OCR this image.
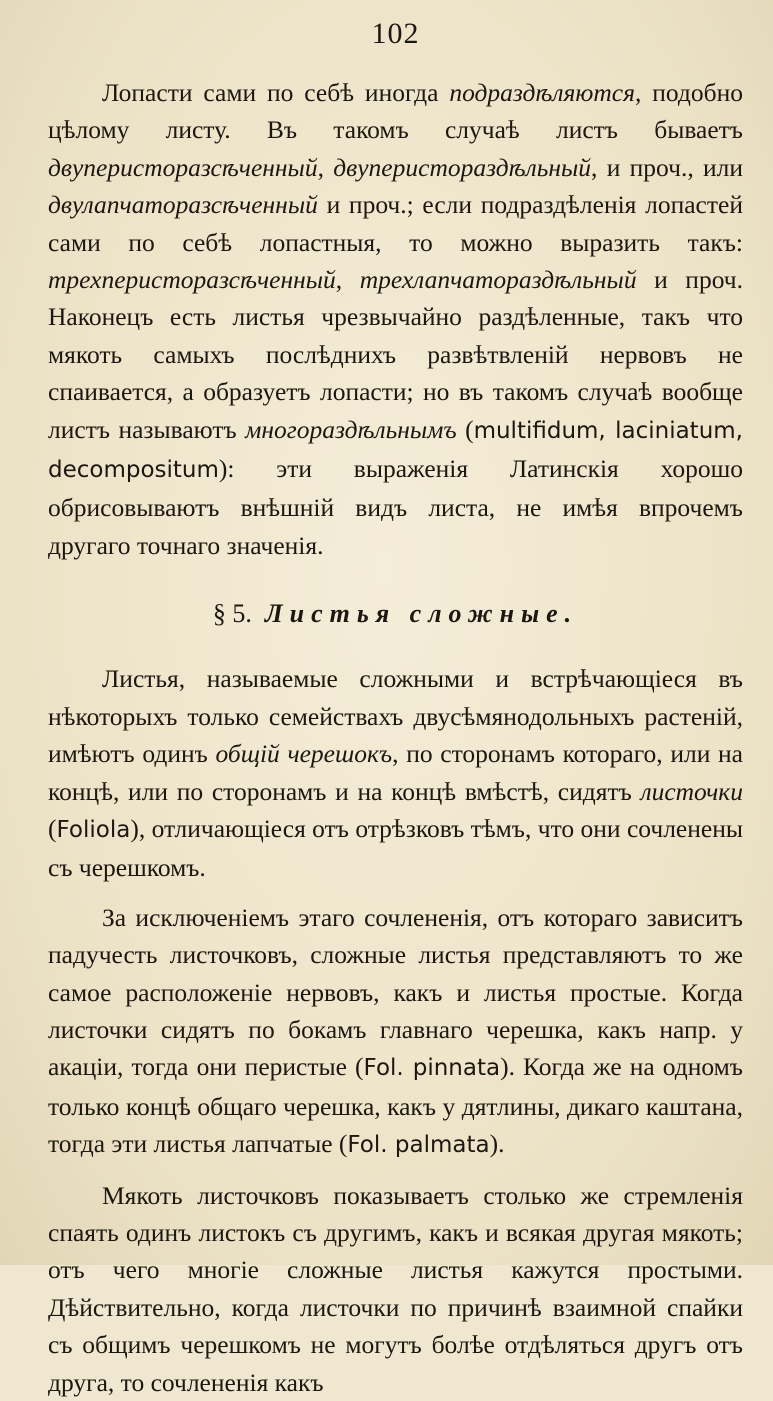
102

Лопасти сами по себѣ иногда подраздѣляются, подобно цѣлому листу. Въ такомъ случаѣ листъ бываетъ двуперисторазсѣченный, двуперистораздѣльный, и проч., или двулапчаторазсѣченный и проч.; если подраздѣленія лопастей сами по себѣ лопастныя, то можно выразить такъ: трехперисторазсѣченный, трехлапчатораздѣльный и проч. Наконецъ есть листья чрезвычайно раздѣленные, такъ что мякоть самыхъ послѣднихъ развѣтвленій нервовъ не спаивается, а образуетъ лопасти; но въ такомъ случаѣ вообще листъ называютъ многораздѣльнымъ (multifidum, laciniatum, decompositum): эти выраженія Латинскія хорошо обрисовываютъ внѣшній видъ листа, не имѣя впрочемъ другаго точнаго значенія.

§ 5. Листья сложные.

Листья, называемые сложными и встрѣчающіеся въ нѣкоторыхъ только семействахъ двусѣмянодольныхъ растеній, имѣютъ одинъ общій черешокъ, по сторонамъ котораго, или на концѣ, или по сторонамъ и на концѣ вмѣстѣ, сидятъ листочки (Foliola), отличающіеся отъ отрѣзковъ тѣмъ, что они сочленены съ черешкомъ.

За исключеніемъ этаго сочлененія, отъ котораго зависитъ падучесть листочковъ, сложные листья представляютъ то же самое расположеніе нервовъ, какъ и листья простые. Когда листочки сидятъ по бокамъ главнаго черешка, какъ напр. у акаціи, тогда они перистые (Fol. pinnata). Когда же на одномъ только концѣ общаго черешка, какъ у дятлины, дикаго каштана, тогда эти листья лапчатые (Fol. palmata).

Мякоть листочковъ показываетъ столько же стремленія спаять одинъ листокъ съ другимъ, какъ и всякая другая мякоть; отъ чего многіе сложные листья кажутся простыми. Дѣйствительно, когда листочки по причинѣ взаимной спайки съ общимъ черешкомъ не могутъ болѣе отдѣляться другъ отъ друга, то сочлененія какъ
